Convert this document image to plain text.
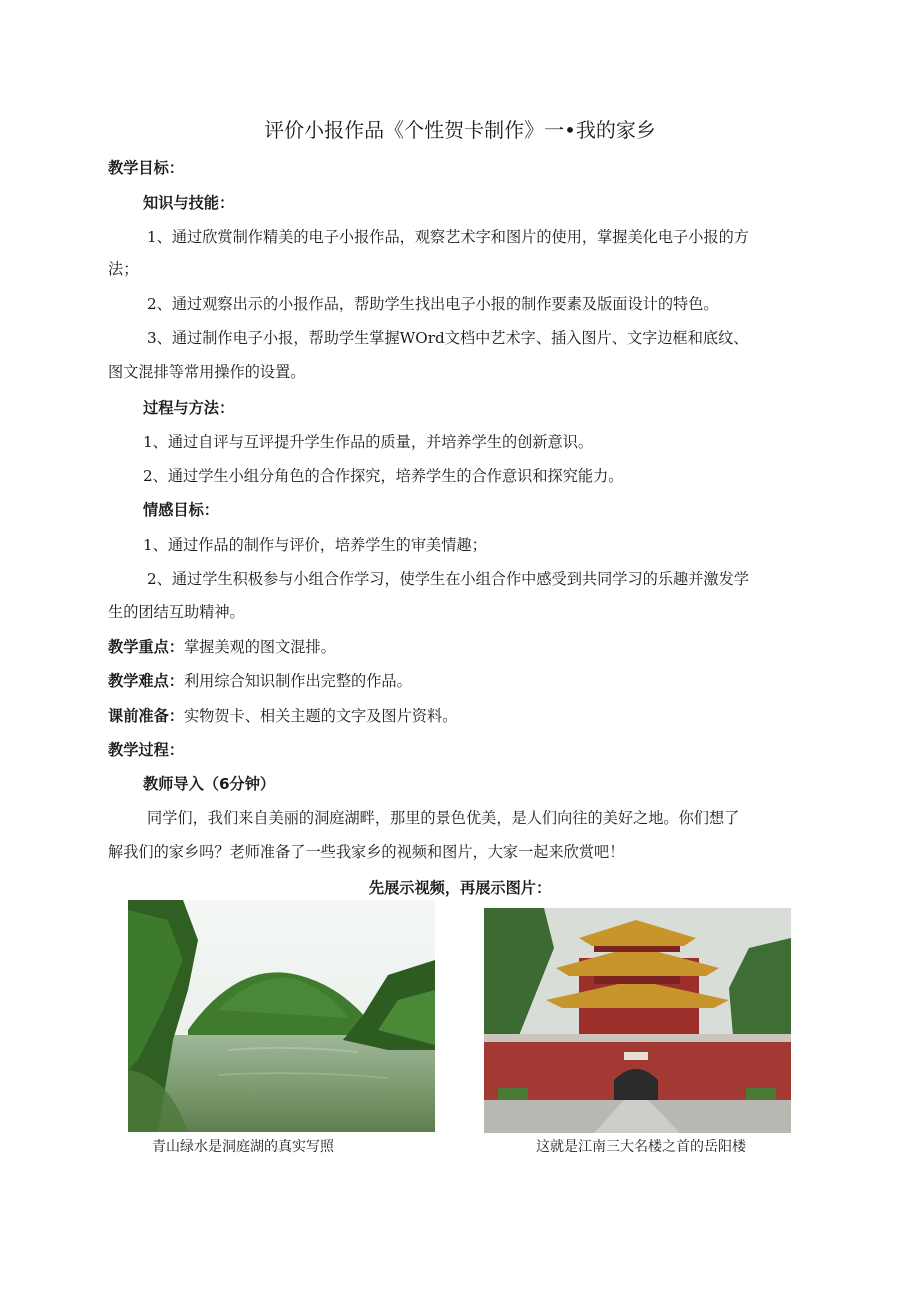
评价小报作品《个性贺卡制作》一•我的家乡
教学目标：
知识与技能：
1、通过欣赏制作精美的电子小报作品，观察艺术字和图片的使用，掌握美化电子小报的方
法；
2、通过观察出示的小报作品，帮助学生找出电子小报的制作要素及版面设计的特色。
3、通过制作电子小报，帮助学生掌握WOrd文档中艺术字、插入图片、文字边框和底纹、
图文混排等常用操作的设置。
过程与方法：
1、通过自评与互评提升学生作品的质量，并培养学生的创新意识。
2、通过学生小组分角色的合作探究，培养学生的合作意识和探究能力。
情感目标：
1、通过作品的制作与评价，培养学生的审美情趣；
2、通过学生积极参与小组合作学习，使学生在小组合作中感受到共同学习的乐趣并激发学
生的团结互助精神。
教学重点：掌握美观的图文混排。
教学难点：利用综合知识制作出完整的作品。
课前准备：实物贺卡、相关主题的文字及图片资料。
教学过程：
教师导入（6分钟）
同学们，我们来自美丽的洞庭湖畔，那里的景色优美，是人们向往的美好之地。你们想了
解我们的家乡吗？老师准备了一些我家乡的视频和图片，大家一起来欣赏吧！
先展示视频，再展示图片：
青山绿水是洞庭湖的真实写照	这就是江南三大名楼之首的岳阳楼
